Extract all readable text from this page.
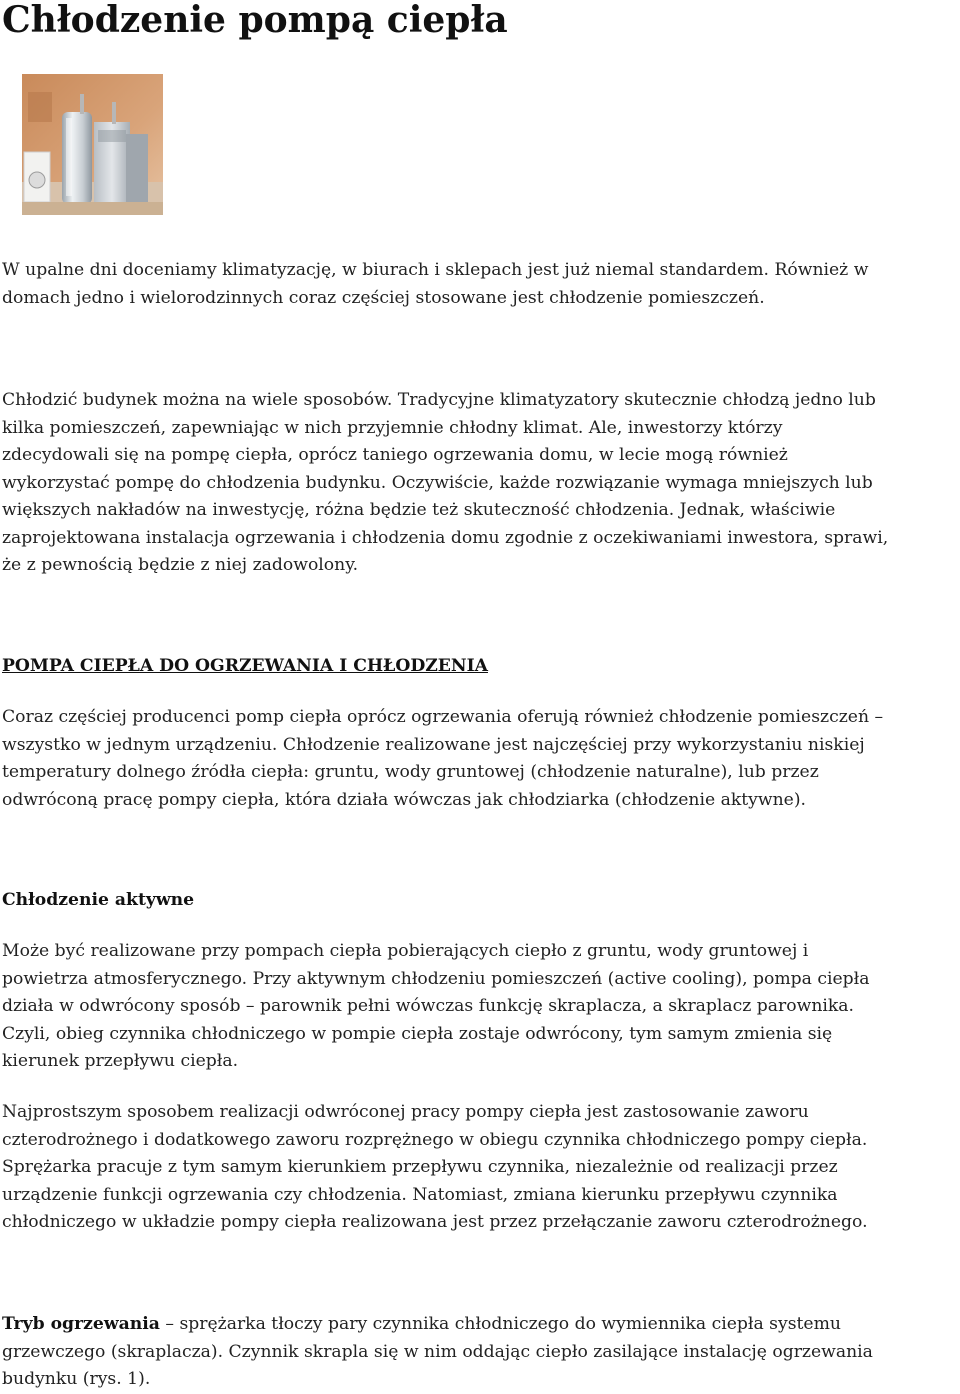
Chłodzenie pompą ciepła

W upalne dni doceniamy klimatyzację, w biurach i sklepach jest już niemal standardem. Również w
domach jedno i wielorodzinnych coraz częściej stosowane jest chłodzenie pomieszczeń.

Chłodzić budynek można na wiele sposobów. Tradycyjne klimatyzatory skutecznie chłodzą jedno lub
kilka pomieszczeń, zapewniając w nich przyjemnie chłodny klimat. Ale, inwestorzy którzy
zdecydowali się na pompę ciepła, oprócz taniego ogrzewania domu, w lecie mogą również
wykorzystać pompę do chłodzenia budynku. Oczywiście, każde rozwiązanie wymaga mniejszych lub
większych nakładów na inwestycję, różna będzie też skuteczność chłodzenia. Jednak, właściwie
zaprojektowana instalacja ogrzewania i chłodzenia domu zgodnie z oczekiwaniami inwestora, sprawi,
że z pewnością będzie z niej zadowolony.

POMPA CIEPŁA DO OGRZEWANIA I CHŁODZENIA

Coraz częściej producenci pomp ciepła oprócz ogrzewania oferują również chłodzenie pomieszczeń –
wszystko w jednym urządzeniu. Chłodzenie realizowane jest najczęściej przy wykorzystaniu niskiej
temperatury dolnego źródła ciepła: gruntu, wody gruntowej (chłodzenie naturalne), lub przez
odwróconą pracę pompy ciepła, która działa wówczas jak chłodziarka (chłodzenie aktywne).

Chłodzenie aktywne

Może być realizowane przy pompach ciepła pobierających ciepło z gruntu, wody gruntowej i
powietrza atmosferycznego. Przy aktywnym chłodzeniu pomieszczeń (active cooling), pompa ciepła
działa w odwrócony sposób – parownik pełni wówczas funkcję skraplacza, a skraplacz parownika.
Czyli, obieg czynnika chłodniczego w pompie ciepła zostaje odwrócony, tym samym zmienia się
kierunek przepływu ciepła.

Najprostszym sposobem realizacji odwróconej pracy pompy ciepła jest zastosowanie zaworu
czterodrożnego i dodatkowego zaworu rozprężnego w obiegu czynnika chłodniczego pompy ciepła.
Sprężarka pracuje z tym samym kierunkiem przepływu czynnika, niezależnie od realizacji przez
urządzenie funkcji ogrzewania czy chłodzenia. Natomiast, zmiana kierunku przepływu czynnika
chłodniczego w układzie pompy ciepła realizowana jest przez przełączanie zaworu czterodrożnego.

Tryb ogrzewania – sprężarka tłoczy pary czynnika chłodniczego do wymiennika ciepła systemu
grzewczego (skraplacza). Czynnik skrapla się w nim oddając ciepło zasilające instalację ogrzewania
budynku (rys. 1).
